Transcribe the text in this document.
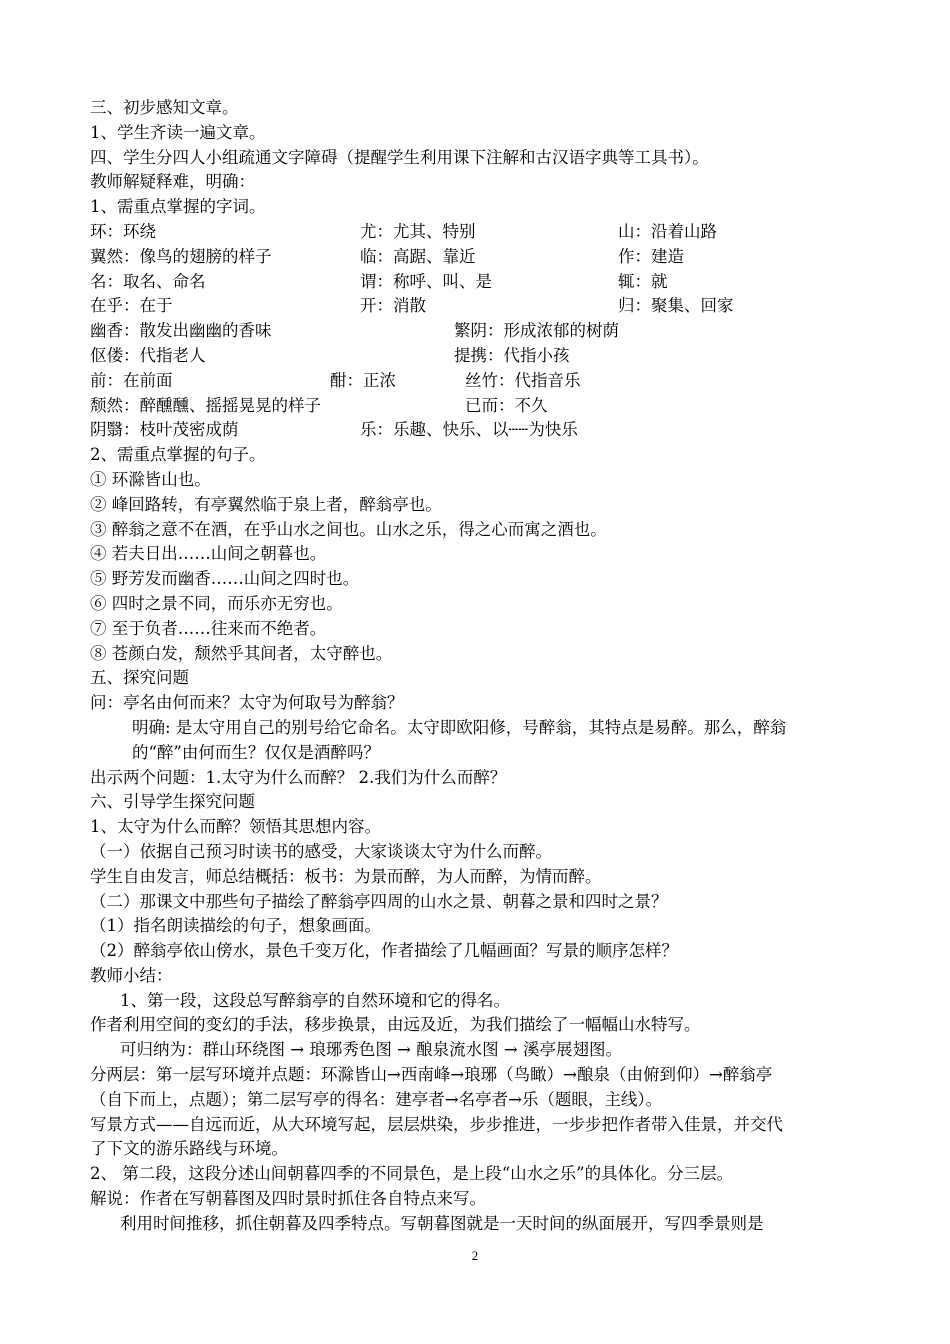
三、初步感知文章。
1、学生齐读一遍文章。
四、学生分四人小组疏通文字障碍（提醒学生利用课下注解和古汉语字典等工具书）。
教师解疑释难，明确：
1、需重点掌握的字词。
环：环绕	尤：尤其、特别	山：沿着山路
翼然：像鸟的翅膀的样子	临：高踞、靠近	作：建造
名：取名、命名	谓：称呼、叫、是	辄：就
在乎：在于	开：消散	归：聚集、回家
幽香：散发出幽幽的香味	繁阴：形成浓郁的树荫
伛偻：代指老人	提携：代指小孩
前：在前面	酣：正浓	丝竹：代指音乐
颓然：醉醺醺、摇摇晃晃的样子	已而：不久
阴翳：枝叶茂密成荫	乐：乐趣、快乐、以┄┄为快乐
2、需重点掌握的句子。
① 环滁皆山也。
② 峰回路转，有亭翼然临于泉上者，醉翁亭也。
③ 醉翁之意不在酒，在乎山水之间也。山水之乐，得之心而寓之酒也。
④ 若夫日出……山间之朝暮也。
⑤ 野芳发而幽香……山间之四时也。
⑥ 四时之景不同，而乐亦无穷也。
⑦ 至于负者……往来而不绝者。
⑧ 苍颜白发，颓然乎其间者，太守醉也。
五、探究问题
问：亭名由何而来？太守为何取号为醉翁？
明确: 是太守用自己的别号给它命名。太守即欧阳修，号醉翁，其特点是易醉。那么，醉翁
的“醉”由何而生？仅仅是酒醉吗？
出示两个问题：1.太守为什么而醉？ 2.我们为什么而醉？
六、引导学生探究问题
1、太守为什么而醉？领悟其思想内容。
（一）依据自己预习时读书的感受，大家谈谈太守为什么而醉。
学生自由发言，师总结概括：板书：为景而醉，为人而醉，为情而醉。
（二）那课文中那些句子描绘了醉翁亭四周的山水之景、朝暮之景和四时之景？
（1）指名朗读描绘的句子，想象画面。
（2）醉翁亭依山傍水，景色千变万化，作者描绘了几幅画面？写景的顺序怎样？
教师小结：
1、第一段，这段总写醉翁亭的自然环境和它的得名。
作者利用空间的变幻的手法，移步换景，由远及近，为我们描绘了一幅幅山水特写。
可归纳为：群山环绕图 → 琅琊秀色图 → 酿泉流水图 → 溪亭展翅图。
分两层：第一层写环境并点题：环滁皆山→西南峰→琅琊（鸟瞰）→酿泉（由俯到仰）→醉翁亭
（自下而上，点题）；第二层写亭的得名：建亭者→名亭者→乐（题眼，主线）。
写景方式——自远而近，从大环境写起，层层烘染，步步推进，一步步把作者带入佳景，并交代
了下文的游乐路线与环境。
2、 第二段，这段分述山间朝暮四季的不同景色，是上段“山水之乐”的具体化。分三层。
解说：作者在写朝暮图及四时景时抓住各自特点来写。
利用时间推移，抓住朝暮及四季特点。写朝暮图就是一天时间的纵面展开，写四季景则是
2
